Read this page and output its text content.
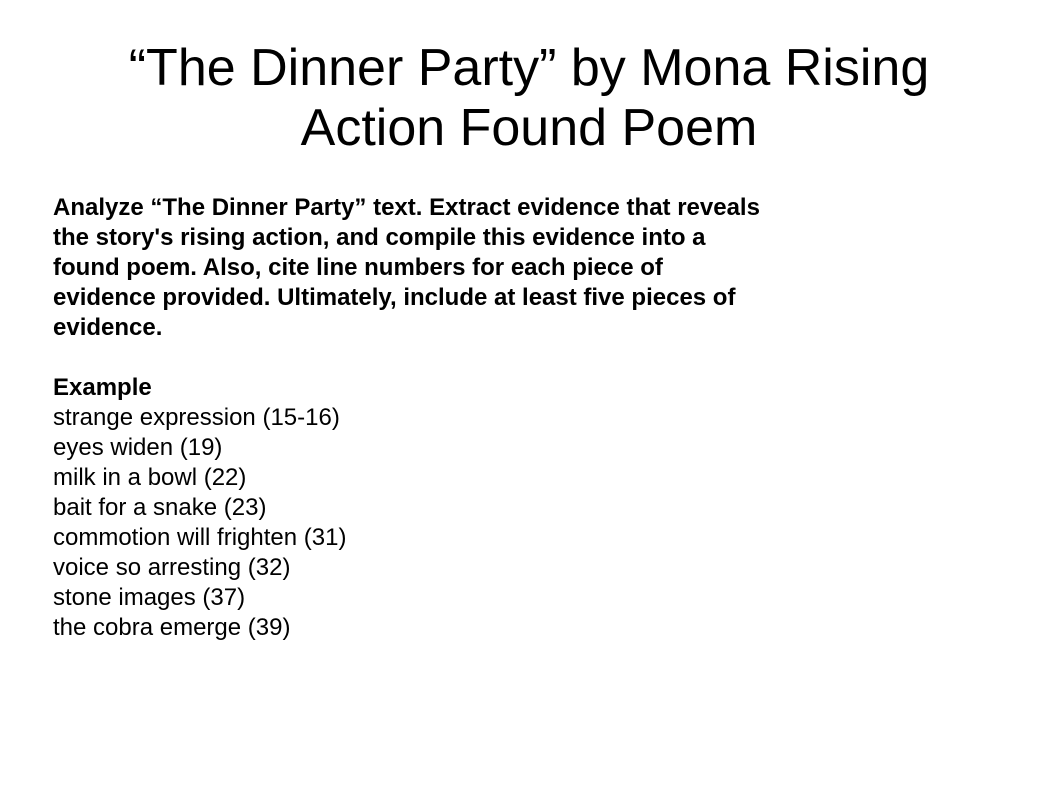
“The Dinner Party” by Mona Rising
Action Found Poem

Analyze “The Dinner Party” text. Extract evidence that reveals
the story's rising action, and compile this evidence into a
found poem. Also, cite line numbers for each piece of
evidence provided. Ultimately, include at least five pieces of
evidence.

Example

strange expression (15-16)
eyes widen (19)
milk in a bowl (22)
bait for a snake (23)
commotion will frighten (31)
voice so arresting (32)
stone images (37)
the cobra emerge (39)
